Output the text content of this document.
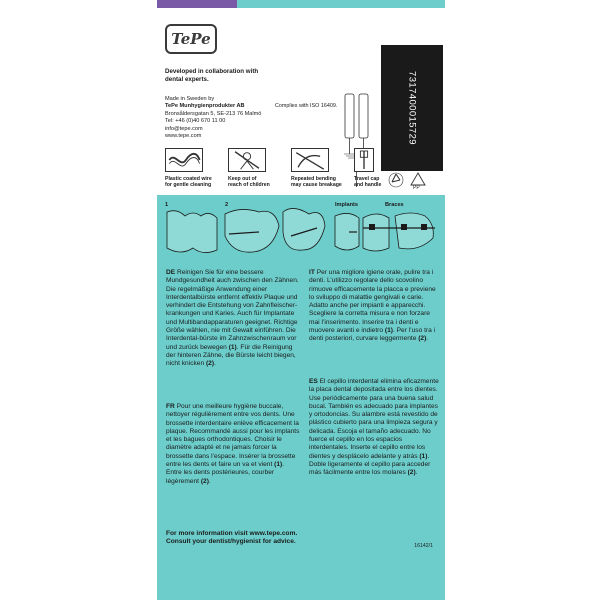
TePe
Developed in collaboration with dental experts.
Made in Sweden by
TePe Munhygienprodukter AB
Bronsåldersgatan 5, SE-213 76 Malmö
Tel: +46 (0)40 670 11 00
info@tepe.com
www.tepe.com
Complies with ISO 16409.	7317400015729
PP
Plastic coated wire
for gentle cleaning
Keep out of
reach of children
Repeated bending
may cause breakage
Travel cap
and handle
1	2	Implants	Braces
DE Reinigen Sie für eine bessere Mundgesundheit auch zwischen den Zähnen. Die regelmäßige Anwendung einer Interdentalbürste entfernt effektiv Plaque und verhindert die Entstehung von Zahnfleischer-krankungen und Karies. Auch für Implantate und Multibandapparaturen geeignet. Richtige Größe wählen, nie mit Gewalt einführen. Die Interdental-bürste im Zahnzwischenraum vor und zurück bewegen (1). Für die Reinigung der hinteren Zähne, die Bürste leicht biegen, nicht knicken (2).
FR Pour une meilleure hygiène buccale, nettoyer régulièrement entre vos dents. Une brossette interdentaire enlève efficacement la plaque. Recommandé aussi pour les implants et les bagues orthodontiques. Choisir le diamètre adapté et ne jamais forcer la brossette dans l’espace. Insérer la brossette entre les dents et faire un va et vient (1). Entre les dents postérieures, courber légèrement (2).
IT Per una migliore igiene orale, pulire tra i denti. L’utilizzo regolare dello scovolino rimuove efficacemente la placca e previene lo sviluppo di malattie gengivali e carie. Adatto anche per impianti e apparecchi. Scegliere la corretta misura e non forzare mai l’inserimento. Inserire tra i denti e muovere avanti e indietro (1). Per l’uso tra i denti posteriori, curvare leggermente (2).
ES El cepillo interdental elimina eficazmente la placa dental depositada entre los dientes. Use periódicamente para una buena salud bucal. También es adecuado para implantes y ortodoncias. Su alambre está revestido de plástico cubierto para una limpieza segura y delicada. Escoja el tamaño adecuado. No fuerce el cepillo en los espacios interdentales. Inserte el cepillo entre los dientes y desplácelo adelante y atrás (1). Doble ligeramente el cepillo para acceder más fácilmente entre los molares (2).
For more information visit www.tepe.com.
Consult your dentist/hygienist for advice.
16142/1
